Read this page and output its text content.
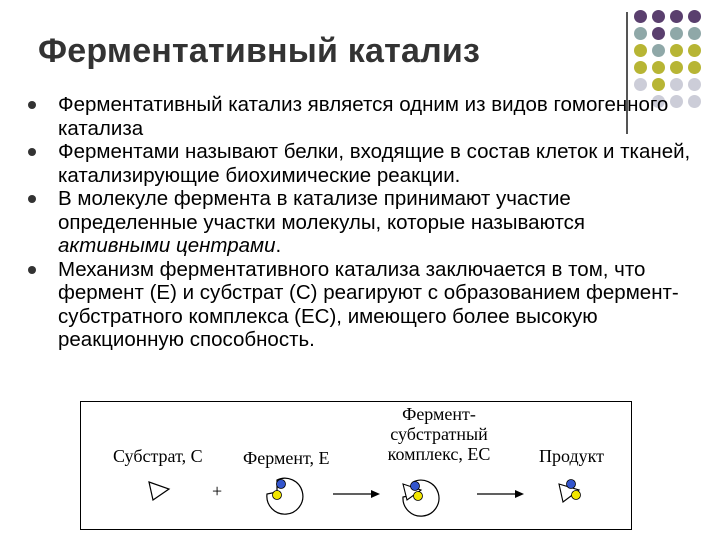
Ферментативный катализ
Ферментативный катализ является одним из видов гомогенного катализа
Ферментами называют белки, входящие в состав клеток и тканей, катализирующие биохимические реакции.
В молекуле фермента в катализе принимают участие определенные участки молекулы, которые называются активными центрами.
Механизм ферментативного катализа заключается в том, что фермент (Е) и субстрат (С) реагируют с образованием фермент-субстратного комплекса (ЕС), имеющего более высокую реакционную способность.
Субстрат, С Фермент, Е
Фермент-субстратный комплекс, ЕС	Продукт
+
